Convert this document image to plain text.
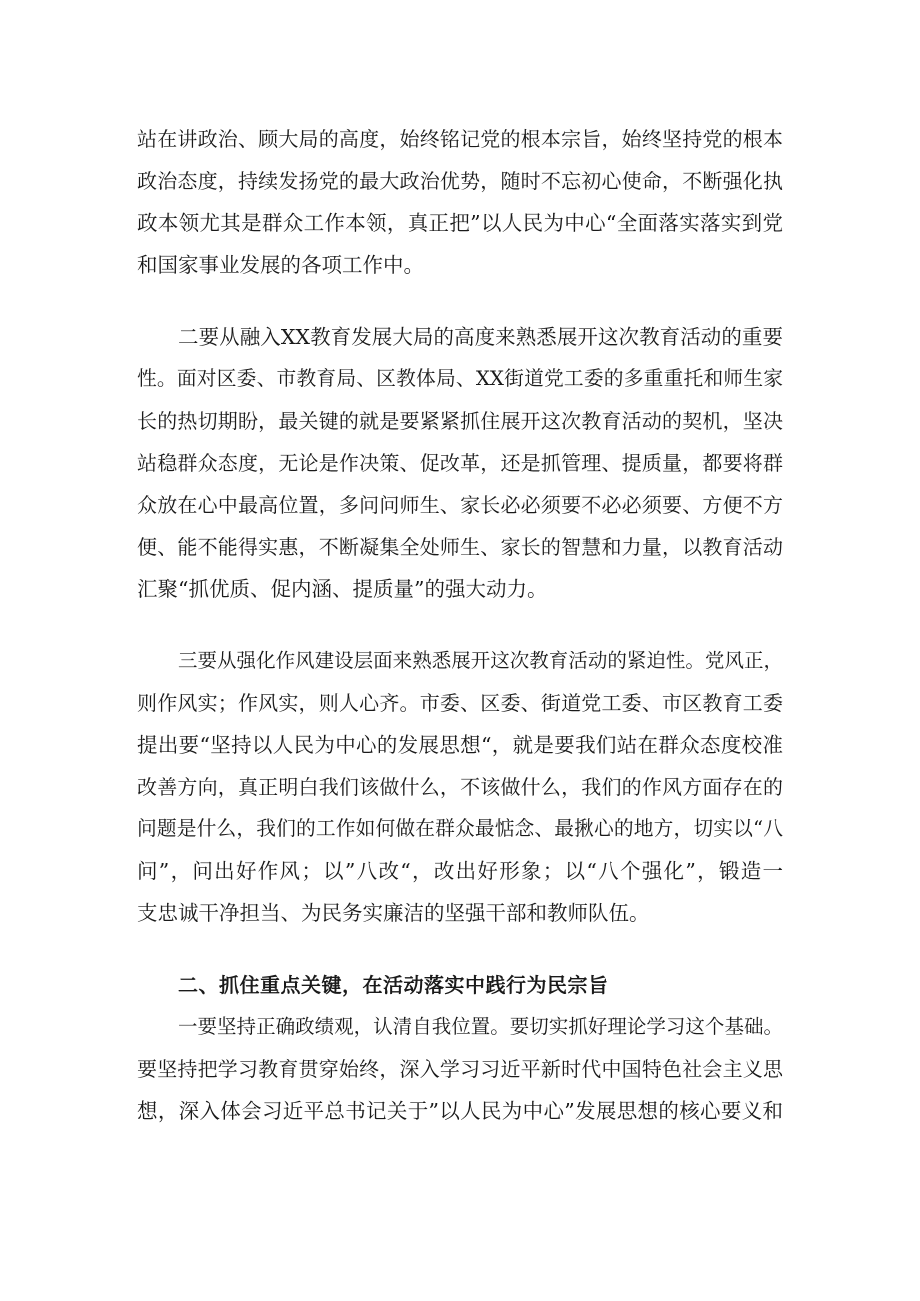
站在讲政治、顾大局的高度，始终铭记党的根本宗旨，始终坚持党的根本
政治态度，持续发扬党的最大政治优势，随时不忘初心使命，不断强化执
政本领尤其是群众工作本领，真正把”以人民为中心“全面落实落实到党
和国家事业发展的各项工作中。
二要从融入XX教育发展大局的高度来熟悉展开这次教育活动的重要
性。面对区委、市教育局、区教体局、XX街道党工委的多重重托和师生家
长的热切期盼，最关键的就是要紧紧抓住展开这次教育活动的契机，坚决
站稳群众态度，无论是作决策、促改革，还是抓管理、提质量，都要将群
众放在心中最高位置，多问问师生、家长必必须要不必必须要、方便不方
便、能不能得实惠，不断凝集全处师生、家长的智慧和力量，以教育活动
汇聚“抓优质、促内涵、提质量”的强大动力。
三要从强化作风建设层面来熟悉展开这次教育活动的紧迫性。党风正，
则作风实；作风实，则人心齐。市委、区委、街道党工委、市区教育工委
提出要“坚持以人民为中心的发展思想“，就是要我们站在群众态度校准
改善方向，真正明白我们该做什么，不该做什么，我们的作风方面存在的
问题是什么，我们的工作如何做在群众最惦念、最揪心的地方，切实以“八
问”，问出好作风；以”八改“，改出好形象；以“八个强化”，锻造一
支忠诚干净担当、为民务实廉洁的坚强干部和教师队伍。
二、抓住重点关键，在活动落实中践行为民宗旨
一要坚持正确政绩观，认清自我位置。要切实抓好理论学习这个基础。
要坚持把学习教育贯穿始终，深入学习习近平新时代中国特色社会主义思
想，深入体会习近平总书记关于”以人民为中心”发展思想的核心要义和
